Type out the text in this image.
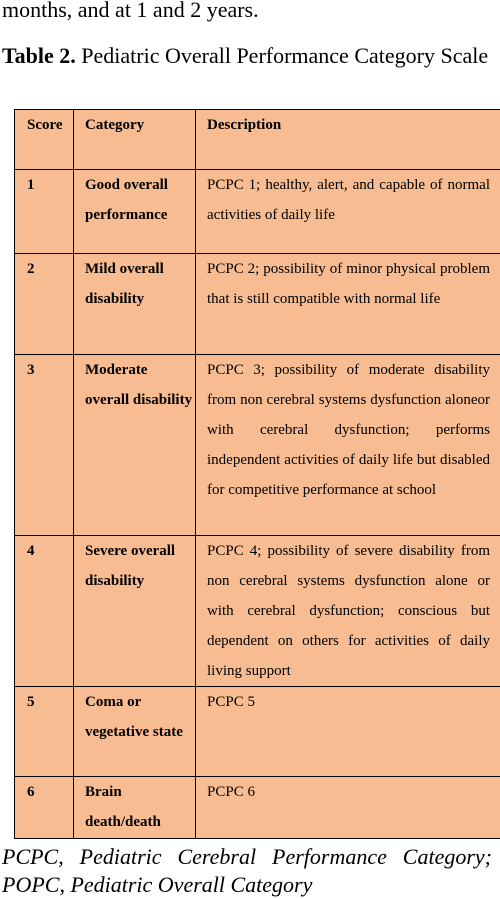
months, and at 1 and 2 years.

Table 2. Pediatric Overall Performance Category Scale

Score	Category	Description
1	Good overall performance	PCPC 1; healthy, alert, and capable of normal activities of daily life
2	Mild overall disability	PCPC 2; possibility of minor physical problem that is still compatible with normal life
3	Moderate overall disability	PCPC 3; possibility of moderate disability from non cerebral systems dysfunction aloneor with cerebral dysfunction; performs independent activities of daily life but disabled for competitive performance at school
4	Severe overall disability	PCPC 4; possibility of severe disability from non cerebral systems dysfunction alone or with cerebral dysfunction; conscious but dependent on others for activities of daily living support
5	Coma or vegetative state	PCPC 5
6	Brain death/death	PCPC 6

PCPC, Pediatric Cerebral Performance Category; POPC, Pediatric Overall Category
